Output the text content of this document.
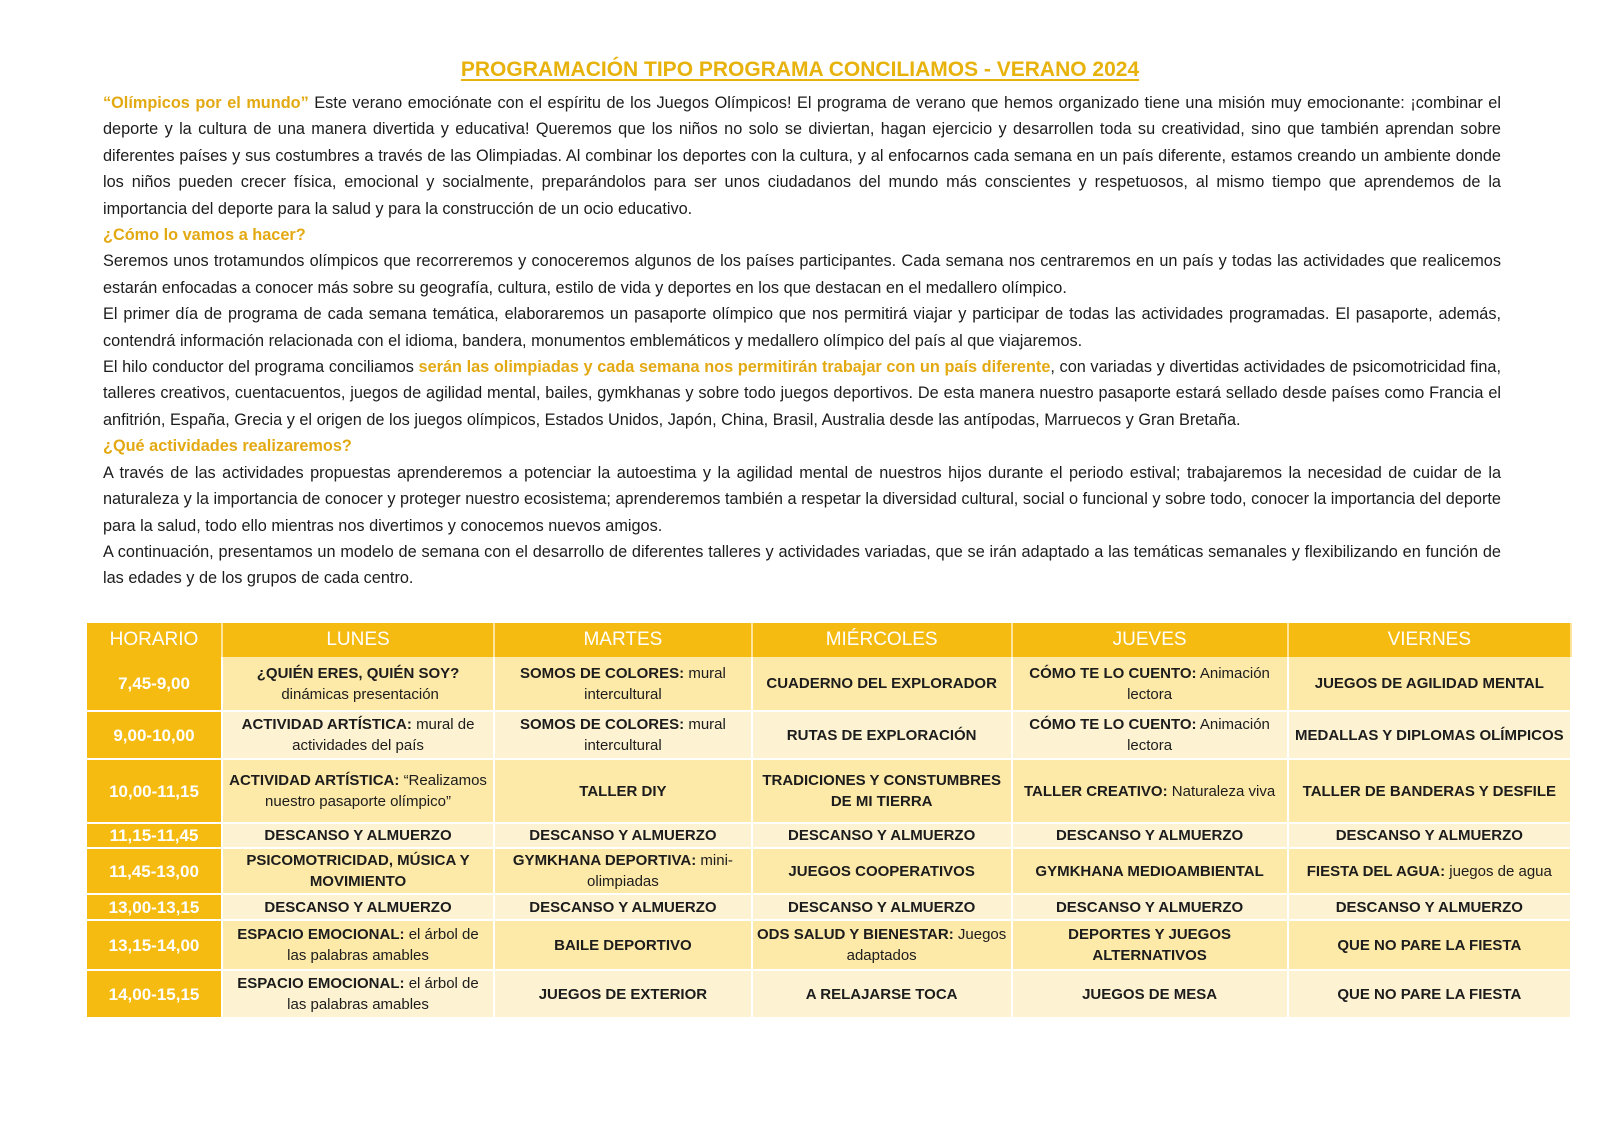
PROGRAMACIÓN TIPO PROGRAMA CONCILIAMOS - VERANO 2024

“Olímpicos por el mundo” Este verano emociónate con el espíritu de los Juegos Olímpicos! El programa de verano que hemos organizado tiene una misión muy emocionante: ¡combinar el deporte y la cultura de una manera divertida y educativa! Queremos que los niños no solo se diviertan, hagan ejercicio y desarrollen toda su creatividad, sino que también aprendan sobre diferentes países y sus costumbres a través de las Olimpiadas. Al combinar los deportes con la cultura, y al enfocarnos cada semana en un país diferente, estamos creando un ambiente donde los niños pueden crecer física, emocional y socialmente, preparándolos para ser unos ciudadanos del mundo más conscientes y respetuosos, al mismo tiempo que aprendemos de la importancia del deporte para la salud y para la construcción de un ocio educativo.

¿Cómo lo vamos a hacer?

Seremos unos trotamundos olímpicos que recorreremos y conoceremos algunos de los países participantes. Cada semana nos centraremos en un país y todas las actividades que realicemos estarán enfocadas a conocer más sobre su geografía, cultura, estilo de vida y deportes en los que destacan en el medallero olímpico.

El primer día de programa de cada semana temática, elaboraremos un pasaporte olímpico que nos permitirá viajar y participar de todas las actividades programadas. El pasaporte, además, contendrá información relacionada con el idioma, bandera, monumentos emblemáticos y medallero olímpico del país al que viajaremos.

El hilo conductor del programa conciliamos serán las olimpiadas y cada semana nos permitirán trabajar con un país diferente, con variadas y divertidas actividades de psicomotricidad fina, talleres creativos, cuentacuentos, juegos de agilidad mental, bailes, gymkhanas y sobre todo juegos deportivos. De esta manera nuestro pasaporte estará sellado desde países como Francia el anfitrión, España, Grecia y el origen de los juegos olímpicos, Estados Unidos, Japón, China, Brasil, Australia desde las antípodas, Marruecos y Gran Bretaña.

¿Qué actividades realizaremos?

A través de las actividades propuestas aprenderemos a potenciar la autoestima y la agilidad mental de nuestros hijos durante el periodo estival; trabajaremos la necesidad de cuidar de la naturaleza y la importancia de conocer y proteger nuestro ecosistema; aprenderemos también a respetar la diversidad cultural, social o funcional y sobre todo, conocer la importancia del deporte para la salud, todo ello mientras nos divertimos y conocemos nuevos amigos.

A continuación, presentamos un modelo de semana con el desarrollo de diferentes talleres y actividades variadas, que se irán adaptado a las temáticas semanales y flexibilizando en función de las edades y de los grupos de cada centro.

HORARIO	LUNES	MARTES	MIÉRCOLES	JUEVES	VIERNES
7,45-9,00	¿QUIÉN ERES, QUIÉN SOY? dinámicas presentación	SOMOS DE COLORES: mural intercultural	CUADERNO DEL EXPLORADOR	CÓMO TE LO CUENTO: Animación lectora	JUEGOS DE AGILIDAD MENTAL
9,00-10,00	ACTIVIDAD ARTÍSTICA: mural de actividades del país	SOMOS DE COLORES: mural intercultural	RUTAS DE EXPLORACIÓN	CÓMO TE LO CUENTO: Animación lectora	MEDALLAS Y DIPLOMAS OLÍMPICOS
10,00-11,15	ACTIVIDAD ARTÍSTICA: “Realizamos nuestro pasaporte olímpico”	TALLER DIY	TRADICIONES Y CONSTUMBRES DE MI TIERRA	TALLER CREATIVO: Naturaleza viva	TALLER DE BANDERAS Y DESFILE
11,15-11,45	DESCANSO Y ALMUERZO	DESCANSO Y ALMUERZO	DESCANSO Y ALMUERZO	DESCANSO Y ALMUERZO	DESCANSO Y ALMUERZO
11,45-13,00	PSICOMOTRICIDAD, MÚSICA Y MOVIMIENTO	GYMKHANA DEPORTIVA: mini-olimpiadas	JUEGOS COOPERATIVOS	GYMKHANA MEDIOAMBIENTAL	FIESTA DEL AGUA: juegos de agua
13,00-13,15	DESCANSO Y ALMUERZO	DESCANSO Y ALMUERZO	DESCANSO Y ALMUERZO	DESCANSO Y ALMUERZO	DESCANSO Y ALMUERZO
13,15-14,00	ESPACIO EMOCIONAL: el árbol de las palabras amables	BAILE DEPORTIVO	ODS SALUD Y BIENESTAR: Juegos adaptados	DEPORTES Y JUEGOS ALTERNATIVOS	QUE NO PARE LA FIESTA
14,00-15,15	ESPACIO EMOCIONAL: el árbol de las palabras amables	JUEGOS DE EXTERIOR	A RELAJARSE TOCA	JUEGOS DE MESA	QUE NO PARE LA FIESTA
